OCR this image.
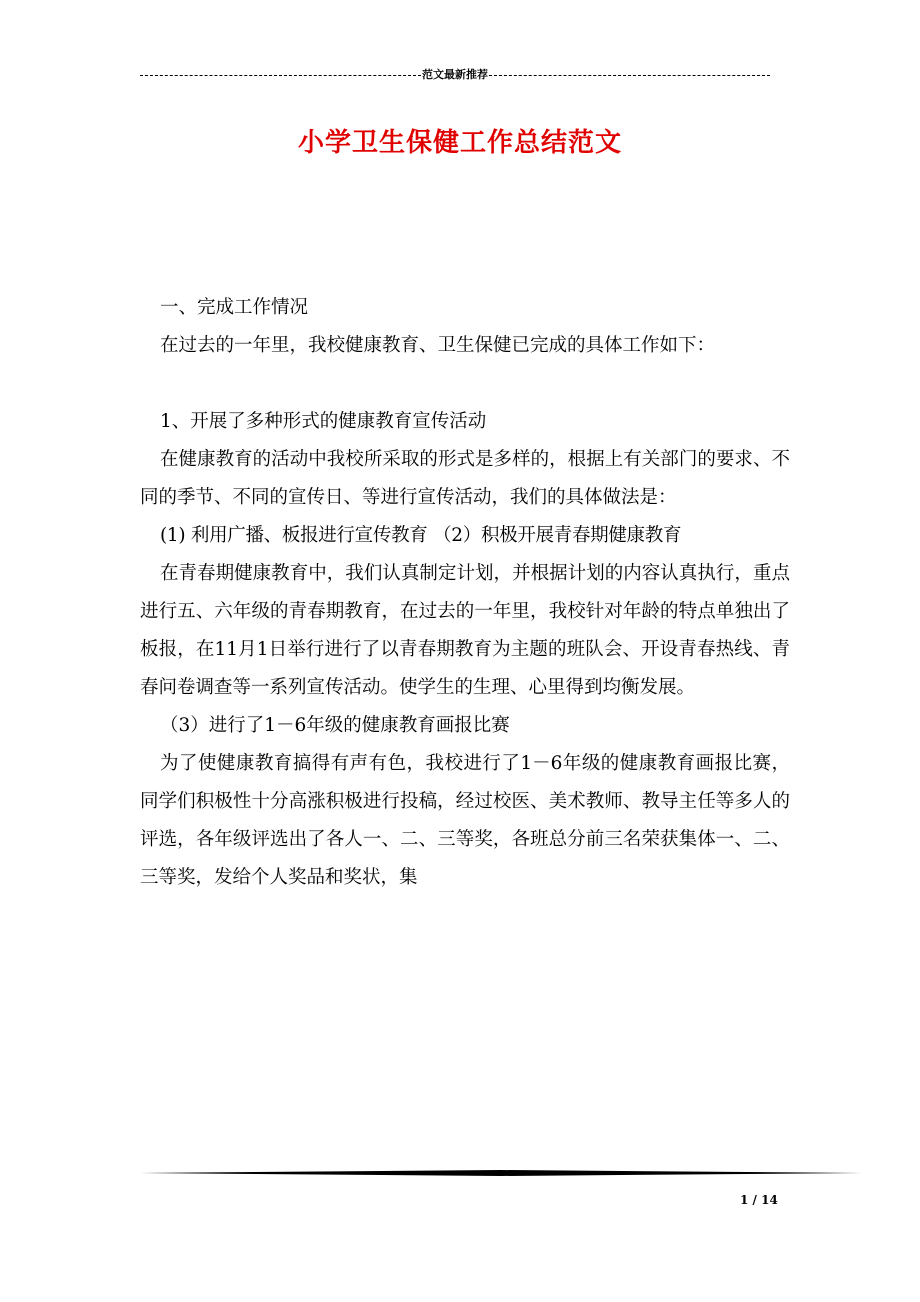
范文最新推荐
小学卫生保健工作总结范文

一、完成工作情况

在过去的一年里，我校健康教育、卫生保健已完成的具体工作如下：

1、开展了多种形式的健康教育宣传活动

在健康教育的活动中我校所采取的形式是多样的，根据上有关部门的要求、不同的季节、不同的宣传日、等进行宣传活动，我们的具体做法是：

(1) 利用广播、板报进行宣传教育 （2）积极开展青春期健康教育

在青春期健康教育中，我们认真制定计划，并根据计划的内容认真执行，重点进行五、六年级的青春期教育，在过去的一年里，我校针对年龄的特点单独出了板报，在11月1日举行进行了以青春期教育为主题的班队会、开设青春热线、青春问卷调查等一系列宣传活动。使学生的生理、心里得到均衡发展。

（3）进行了1－6年级的健康教育画报比赛

为了使健康教育搞得有声有色，我校进行了1－6年级的健康教育画报比赛，同学们积极性十分高涨积极进行投稿，经过校医、美术教师、教导主任等多人的评选，各年级评选出了各人一、二、三等奖，各班总分前三名荣获集体一、二、三等奖，发给个人奖品和奖状，集

1 / 14
